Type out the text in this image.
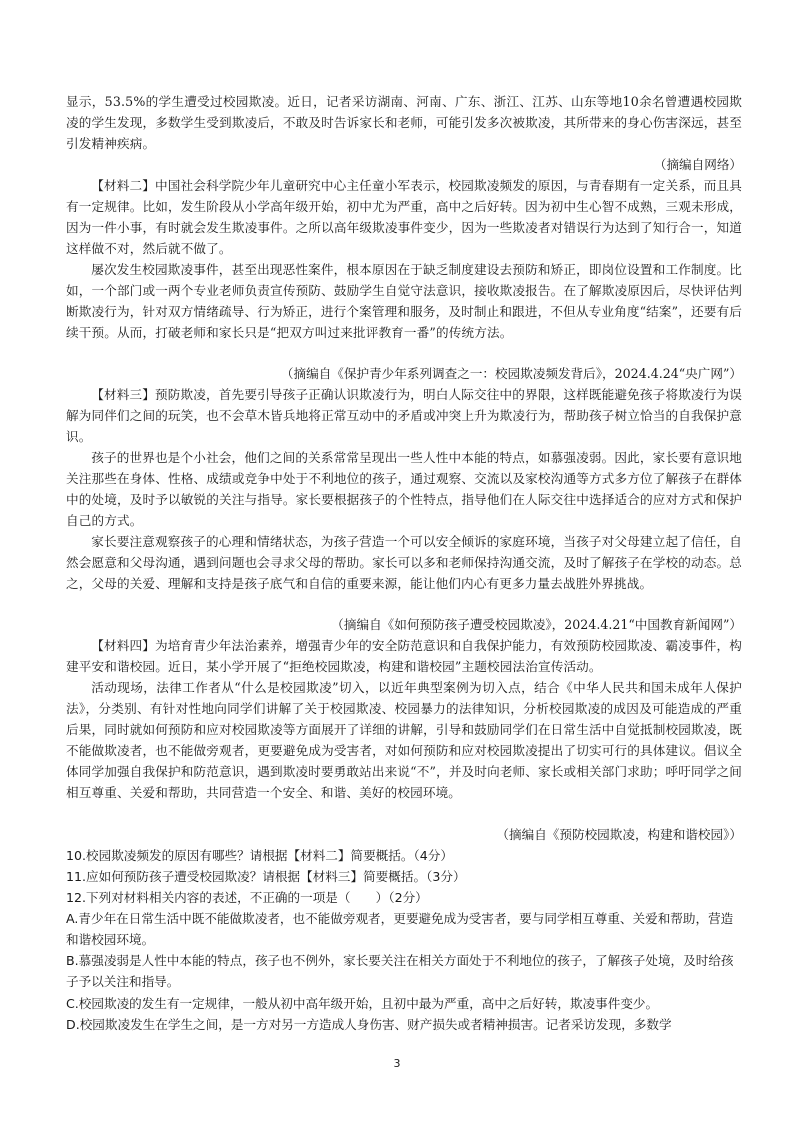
显示，53.5%的学生遭受过校园欺凌。近日，记者采访湖南、河南、广东、浙江、江苏、山东等地10余名曾遭遇校园欺凌的学生发现，多数学生受到欺凌后，不敢及时告诉家长和老师，可能引发多次被欺凌，其所带来的身心伤害深远，甚至引发精神疾病。

（摘编自网络）

【材料二】中国社会科学院少年儿童研究中心主任童小军表示，校园欺凌频发的原因，与青春期有一定关系，而且具有一定规律。比如，发生阶段从小学高年级开始，初中尤为严重，高中之后好转。因为初中生心智不成熟，三观未形成，因为一件小事，有时就会发生欺凌事件。之所以高年级欺凌事件变少，因为一些欺凌者对错误行为达到了知行合一，知道这样做不对，然后就不做了。

屡次发生校园欺凌事件，甚至出现恶性案件，根本原因在于缺乏制度建设去预防和矫正，即岗位设置和工作制度。比如，一个部门或一两个专业老师负责宣传预防、鼓励学生自觉守法意识，接收欺凌报告。在了解欺凌原因后，尽快评估判断欺凌行为，针对双方情绪疏导、行为矫正，进行个案管理和服务，及时制止和跟进，不但从专业角度“结案”，还要有后续干预。从而，打破老师和家长只是“把双方叫过来批评教育一番”的传统方法。

（摘编自《保护青少年系列调查之一：校园欺凌频发背后》，2024.4.24“央广网”）

【材料三】预防欺凌，首先要引导孩子正确认识欺凌行为，明白人际交往中的界限，这样既能避免孩子将欺凌行为误解为同伴们之间的玩笑，也不会草木皆兵地将正常互动中的矛盾或冲突上升为欺凌行为，帮助孩子树立恰当的自我保护意识。

孩子的世界也是个小社会，他们之间的关系常常呈现出一些人性中本能的特点，如慕强凌弱。因此，家长要有意识地关注那些在身体、性格、成绩或竞争中处于不利地位的孩子，通过观察、交流以及家校沟通等方式多方位了解孩子在群体中的处境，及时予以敏锐的关注与指导。家长要根据孩子的个性特点，指导他们在人际交往中选择适合的应对方式和保护自己的方式。

家长要注意观察孩子的心理和情绪状态，为孩子营造一个可以安全倾诉的家庭环境，当孩子对父母建立起了信任，自然会愿意和父母沟通，遇到问题也会寻求父母的帮助。家长可以多和老师保持沟通交流，及时了解孩子在学校的动态。总之，父母的关爱、理解和支持是孩子底气和自信的重要来源，能让他们内心有更多力量去战胜外界挑战。

（摘编自《如何预防孩子遭受校园欺凌》，2024.4.21“中国教育新闻网”）

【材料四】为培育青少年法治素养，增强青少年的安全防范意识和自我保护能力，有效预防校园欺凌、霸凌事件，构建平安和谐校园。近日，某小学开展了“拒绝校园欺凌，构建和谐校园”主题校园法治宣传活动。

活动现场，法律工作者从“什么是校园欺凌”切入，以近年典型案例为切入点，结合《中华人民共和国未成年人保护法》，分类别、有针对性地向同学们讲解了关于校园欺凌、校园暴力的法律知识，分析校园欺凌的成因及可能造成的严重后果，同时就如何预防和应对校园欺凌等方面展开了详细的讲解，引导和鼓励同学们在日常生活中自觉抵制校园欺凌，既不能做欺凌者，也不能做旁观者，更要避免成为受害者，对如何预防和应对校园欺凌提出了切实可行的具体建议。倡议全体同学加强自我保护和防范意识，遇到欺凌时要勇敢站出来说“不”，并及时向老师、家长或相关部门求助；呼吁同学之间相互尊重、关爱和帮助，共同营造一个安全、和谐、美好的校园环境。

（摘编自《预防校园欺凌，构建和谐校园》）

10.校园欺凌频发的原因有哪些？请根据【材料二】简要概括。（4分）

11.应如何预防孩子遭受校园欺凌？请根据【材料三】简要概括。（3分）

12.下列对材料相关内容的表述，不正确的一项是（　　）（2分）

A.青少年在日常生活中既不能做欺凌者，也不能做旁观者，更要避免成为受害者，要与同学相互尊重、关爱和帮助，营造和谐校园环境。

B.慕强凌弱是人性中本能的特点，孩子也不例外，家长要关注在相关方面处于不利地位的孩子，了解孩子处境，及时给孩子予以关注和指导。

C.校园欺凌的发生有一定规律，一般从初中高年级开始，且初中最为严重，高中之后好转，欺凌事件变少。

D.校园欺凌发生在学生之间，是一方对另一方造成人身伤害、财产损失或者精神损害。记者采访发现，多数学

3
